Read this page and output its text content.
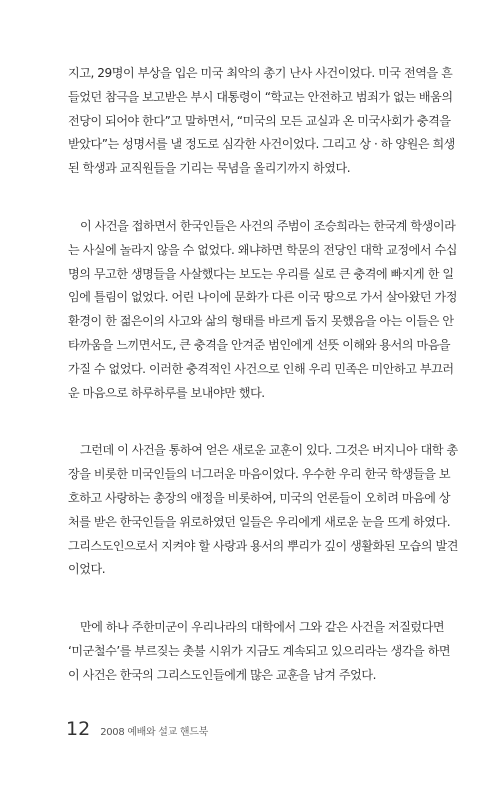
지고, 29명이 부상을 입은 미국 최악의 총기 난사 사건이었다. 미국 전역을 흔
들었던 참극을 보고받은 부시 대통령이 “학교는 안전하고 범죄가 없는 배움의
전당이 되어야 한다”고 말하면서, “미국의 모든 교실과 온 미국사회가 충격을
받았다”는 성명서를 낼 정도로 심각한 사건이었다. 그리고 상 · 하 양원은 희생
된 학생과 교직원들을 기리는 묵념을 올리기까지 하였다.

이 사건을 접하면서 한국인들은 사건의 주범이 조승희라는 한국계 학생이라
는 사실에 놀라지 않을 수 없었다. 왜냐하면 학문의 전당인 대학 교정에서 수십
명의 무고한 생명들을 사살했다는 보도는 우리를 실로 큰 충격에 빠지게 한 일
임에 틀림이 없었다. 어린 나이에 문화가 다른 이국 땅으로 가서 살아왔던 가정
환경이 한 젊은이의 사고와 삶의 형태를 바르게 돕지 못했음을 아는 이들은 안
타까움을 느끼면서도, 큰 충격을 안겨준 범인에게 선뜻 이해와 용서의 마음을
가질 수 없었다. 이러한 충격적인 사건으로 인해 우리 민족은 미안하고 부끄러
운 마음으로 하루하루를 보내야만 했다.

그런데 이 사건을 통하여 얻은 새로운 교훈이 있다. 그것은 버지니아 대학 총
장을 비롯한 미국인들의 너그러운 마음이었다. 우수한 우리 한국 학생들을 보
호하고 사랑하는 총장의 애정을 비롯하여, 미국의 언론들이 오히려 마음에 상
처를 받은 한국인들을 위로하였던 일들은 우리에게 새로운 눈을 뜨게 하였다.
그리스도인으로서 지켜야 할 사랑과 용서의 뿌리가 깊이 생활화된 모습의 발견
이었다.

만에 하나 주한미군이 우리나라의 대학에서 그와 같은 사건을 저질렀다면
‘미군철수’를 부르짖는 촛불 시위가 지금도 계속되고 있으리라는 생각을 하면
이 사건은 한국의 그리스도인들에게 많은 교훈을 남겨 주었다.

12 2008 예배와 설교 핸드북
